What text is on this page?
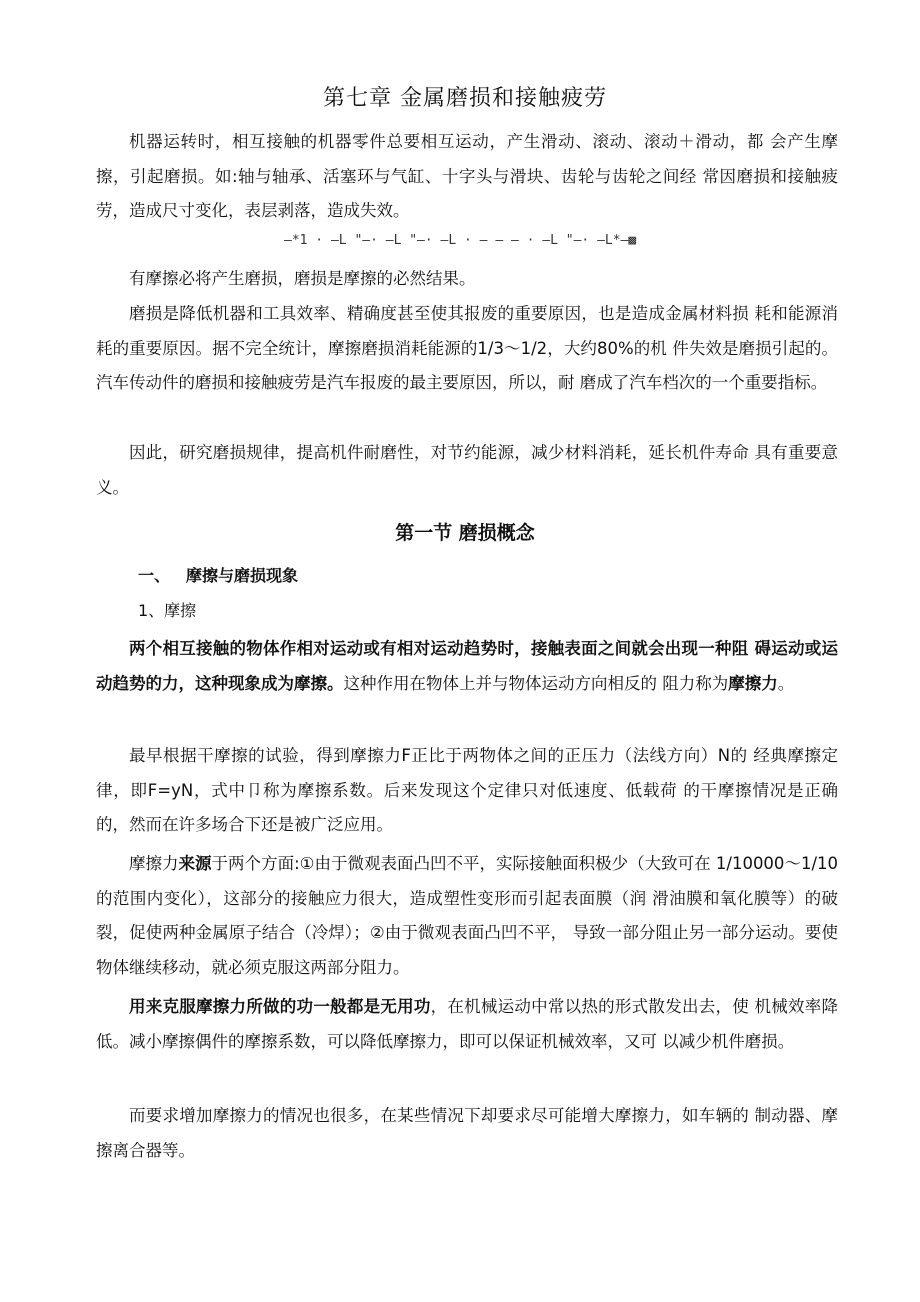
第七章 金属磨损和接触疲劳

机器运转时，相互接触的机器零件总要相互运动，产生滑动、滚动、滚动＋滑动，都 会产生摩擦，引起磨损。如:轴与轴承、活塞环与气缸、十字头与滑块、齿轮与齿轮之间经 常因磨损和接触疲劳，造成尺寸变化，表层剥落，造成失效。

—*1 · —L "—· —L "—· —L · — — — · —L "—· —L*—▩

有摩擦必将产生磨损，磨损是摩擦的必然结果。

磨损是降低机器和工具效率、精确度甚至使其报废的重要原因，也是造成金属材料损 耗和能源消耗的重要原因。据不完全统计，摩擦磨损消耗能源的1/3～1/2，大约80%的机 件失效是磨损引起的。汽车传动件的磨损和接触疲劳是汽车报废的最主要原因，所以，耐 磨成了汽车档次的一个重要指标。

因此，研究磨损规律，提高机件耐磨性，对节约能源，减少材料消耗，延长机件寿命 具有重要意义。

第一节 磨损概念

一、 摩擦与磨损现象

1、摩擦

两个相互接触的物体作相对运动或有相对运动趋势时，接触表面之间就会出现一种阻 碍运动或运动趋势的力，这种现象成为摩擦。这种作用在物体上并与物体运动方向相反的 阻力称为摩擦力。

最早根据干摩擦的试验，得到摩擦力F正比于两物体之间的正压力（法线方向）N的 经典摩擦定律，即F=yN，式中卩称为摩擦系数。后来发现这个定律只对低速度、低载荷 的干摩擦情况是正确的，然而在许多场合下还是被广泛应用。

摩擦力来源于两个方面:①由于微观表面凸凹不平，实际接触面积极少（大致可在 1/10000～1/10的范围内变化），这部分的接触应力很大，造成塑性变形而引起表面膜（润 滑油膜和氧化膜等）的破裂，促使两种金属原子结合（冷焊）；②由于微观表面凸凹不平， 导致一部分阻止另一部分运动。要使物体继续移动，就必须克服这两部分阻力。

用来克服摩擦力所做的功一般都是无用功，在机械运动中常以热的形式散发出去，使 机械效率降低。减小摩擦偶件的摩擦系数，可以降低摩擦力，即可以保证机械效率，又可 以减少机件磨损。

而要求增加摩擦力的情况也很多，在某些情况下却要求尽可能增大摩擦力，如车辆的 制动器、摩擦离合器等。
